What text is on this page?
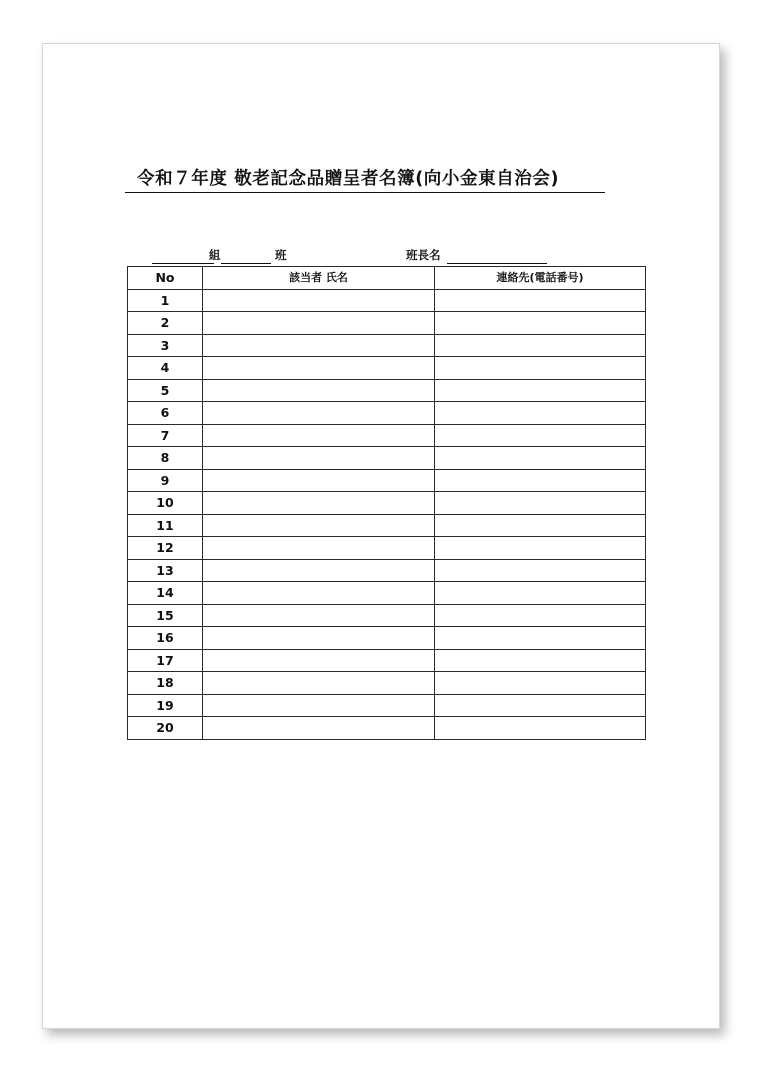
令和７年度 敬老記念品贈呈者名簿(向小金東自治会)
組	班	班長名
No	該当者 氏名	連絡先(電話番号)
1		
2		
3		
4		
5		
6		
7		
8		
9		
10		
11		
12		
13		
14		
15		
16		
17		
18		
19		
20		
